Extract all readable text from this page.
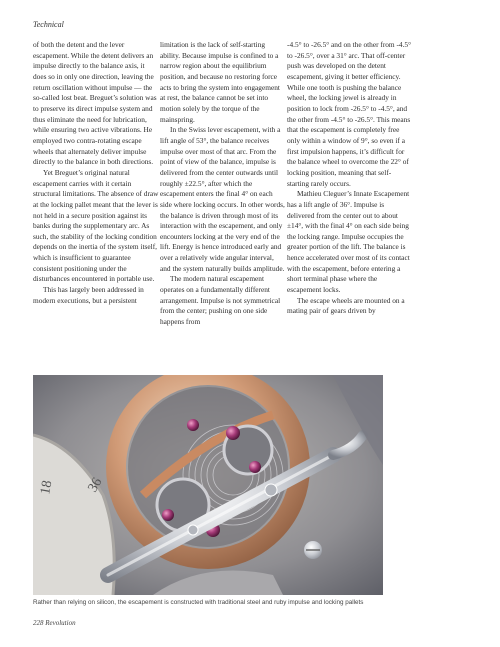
Technical

of both the detent and the lever escapement. While the detent delivers an impulse directly to the balance axis, it does so in only one direction, leaving the return oscillation without impulse — the so-called lost beat. Breguet’s solution was to preserve its direct impulse system and thus eliminate the need for lubrication, while ensuring two active vibrations. He employed two contra-rotating escape wheels that alternately deliver impulse directly to the balance in both directions.

Yet Breguet’s original natural escapement carries with it certain structural limitations. The absence of draw at the locking pallet meant that the lever is not held in a secure position against its banks during the supplementary arc. As such, the stability of the locking condition depends on the inertia of the system itself, which is insufficient to guarantee consistent positioning under the disturbances encountered in portable use.

This has largely been addressed in modern executions, but a persistent

limitation is the lack of self-starting ability. Because impulse is confined to a narrow region about the equilibrium position, and because no restoring force acts to bring the system into engagement at rest, the balance cannot be set into motion solely by the torque of the mainspring.

In the Swiss lever escapement, with a lift angle of 53°, the balance receives impulse over most of that arc. From the point of view of the balance, impulse is delivered from the center outwards until roughly ±22.5°, after which the escapement enters the final 4° on each side where locking occurs. In other words, the balance is driven through most of its interaction with the escapement, and only encounters locking at the very end of the lift. Energy is hence introduced early and over a relatively wide angular interval, and the system naturally builds amplitude.

The modern natural escapement operates on a fundamentally different arrangement. Impulse is not symmetrical from the center; pushing on one side happens from

-4.5° to -26.5° and on the other from -4.5° to -26.5°, over a 31° arc. That off-center push was developed on the detent escapement, giving it better efficiency. While one tooth is pushing the balance wheel, the locking jewel is already in position to lock from -26.5° to -4.5°, and the other from -4.5° to -26.5°. This means that the escapement is completely free only within a window of 9°, so even if a first impulsion happens, it’s difficult for the balance wheel to overcome the 22° of locking position, meaning that self-starting rarely occurs.

Mathieu Cleguer’s Innate Escapement has a lift angle of 36°. Impulse is delivered from the center out to about ±14°, with the final 4° on each side being the locking range. Impulse occupies the greater portion of the lift. The balance is hence accelerated over most of its contact with the escapement, before entering a short terminal phase where the escapement locks.

The escape wheels are mounted on a mating pair of gears driven by

18 36
Rather than relying on silicon, the escapement is constructed with traditional steel and ruby impulse and locking pallets
228 Revolution
